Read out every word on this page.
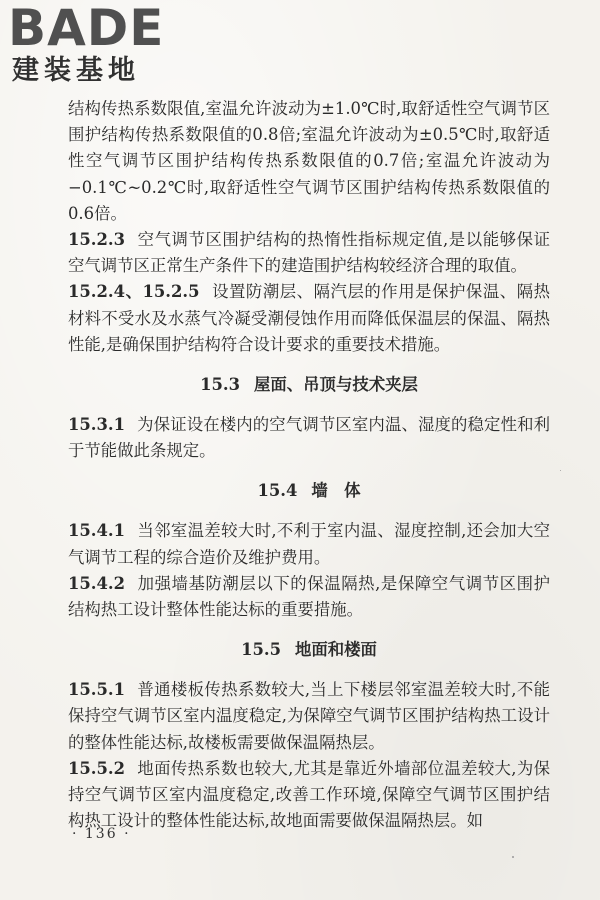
BADE
建装基地

结构传热系数限值,室温允许波动为±1.0℃时,取舒适性空气调节区围护结构传热系数限值的0.8倍;室温允许波动为±0.5℃时,取舒适性空气调节区围护结构传热系数限值的0.7倍;室温允许波动为−0.1℃~0.2℃时,取舒适性空气调节区围护结构传热系数限值的0.6倍。

15.2.3 空气调节区围护结构的热惰性指标规定值,是以能够保证空气调节区正常生产条件下的建造围护结构较经济合理的取值。

15.2.4、15.2.5 设置防潮层、隔汽层的作用是保护保温、隔热材料不受水及水蒸气冷凝受潮侵蚀作用而降低保温层的保温、隔热性能,是确保围护结构符合设计要求的重要技术措施。

15.3 屋面、吊顶与技术夹层

15.3.1 为保证设在楼内的空气调节区室内温、湿度的稳定性和利于节能做此条规定。

15.4 墙　体

15.4.1 当邻室温差较大时,不利于室内温、湿度控制,还会加大空气调节工程的综合造价及维护费用。

15.4.2 加强墙基防潮层以下的保温隔热,是保障空气调节区围护结构热工设计整体性能达标的重要措施。

15.5 地面和楼面

15.5.1 普通楼板传热系数较大,当上下楼层邻室温差较大时,不能保持空气调节区室内温度稳定,为保障空气调节区围护结构热工设计的整体性能达标,故楼板需要做保温隔热层。

15.5.2 地面传热系数也较大,尤其是靠近外墙部位温差较大,为保持空气调节区室内温度稳定,改善工作环境,保障空气调节区围护结构热工设计的整体性能达标,故地面需要做保温隔热层。如

· 136 ·
